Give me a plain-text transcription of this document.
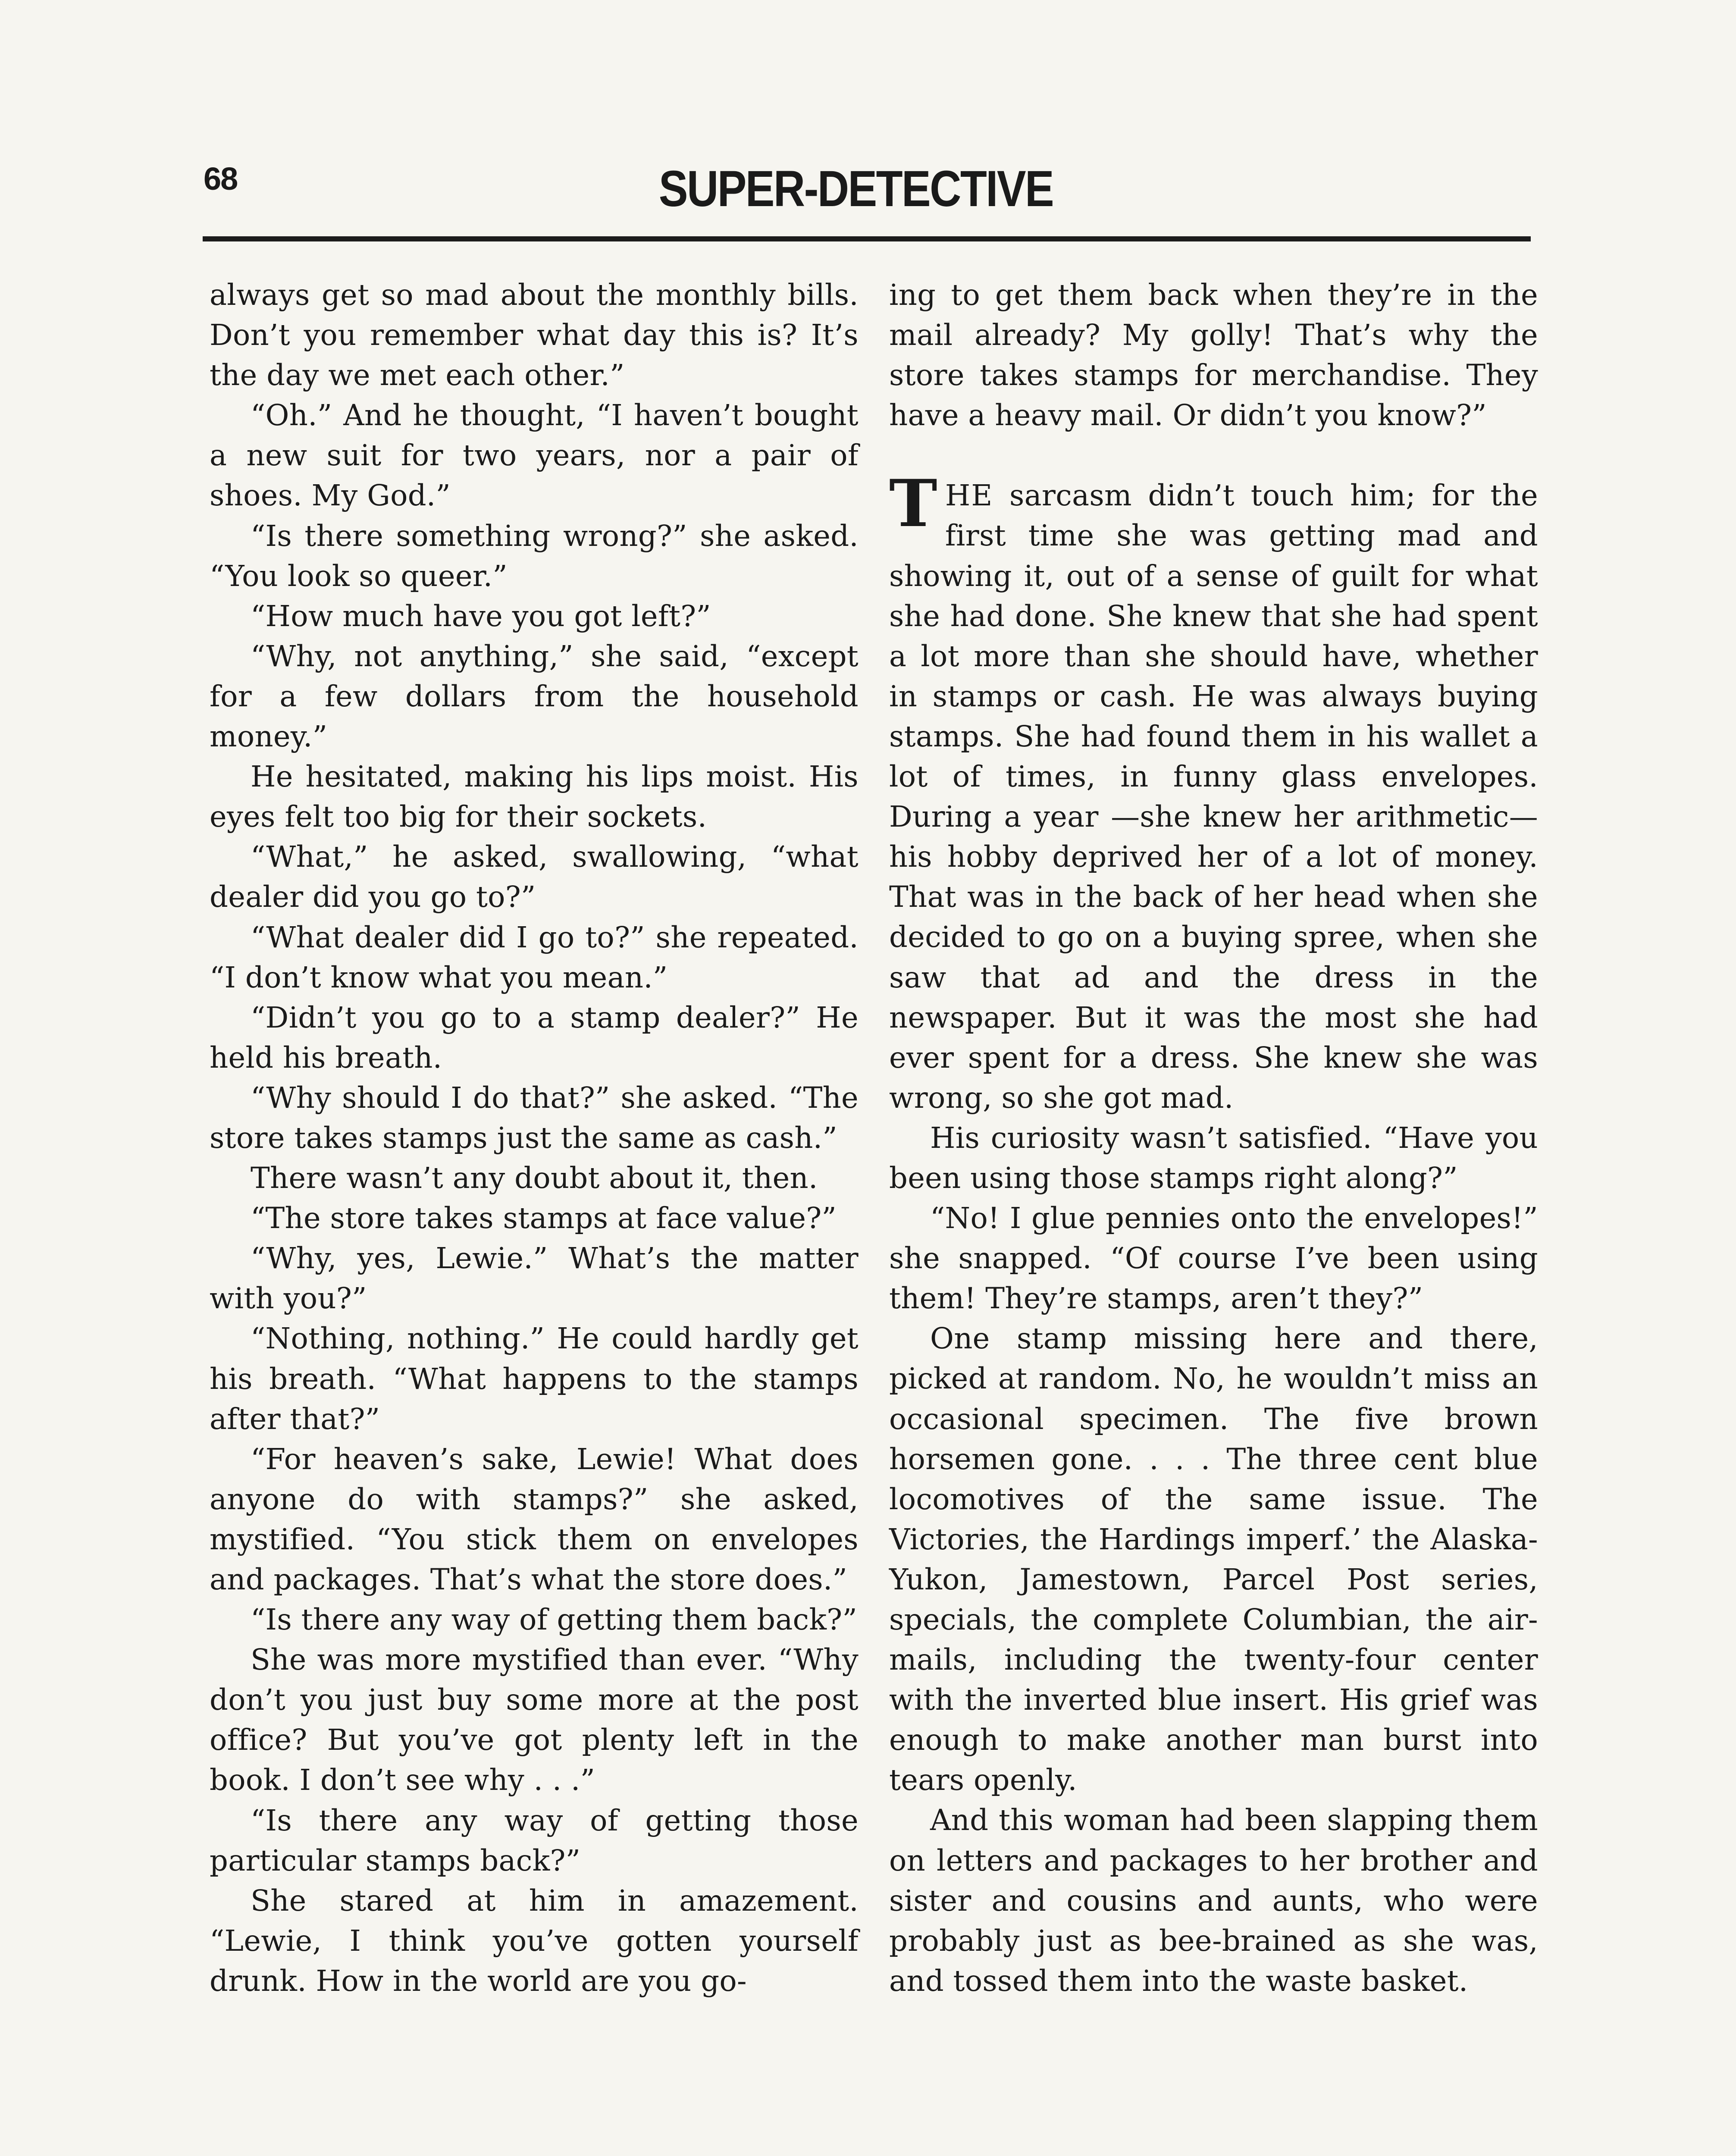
68	SUPER-DETECTIVE

always get so mad about the monthly bills. Don’t you remember what day this is? It’s the day we met each other.”

“Oh.” And he thought, “I haven’t bought a new suit for two years, nor a pair of shoes. My God.”

“Is there something wrong?” she asked. “You look so queer.”

“How much have you got left?”

“Why, not anything,” she said, “except for a few dollars from the household money.”

He hesitated, making his lips moist. His eyes felt too big for their sockets.

“What,” he asked, swallowing, “what dealer did you go to?”

“What dealer did I go to?” she repeated. “I don’t know what you mean.”

“Didn’t you go to a stamp dealer?” He held his breath.

“Why should I do that?” she asked. “The store takes stamps just the same as cash.”

There wasn’t any doubt about it, then.

“The store takes stamps at face value?”

“Why, yes, Lewie.” What’s the matter with you?”

“Nothing, nothing.” He could hardly get his breath. “What happens to the stamps after that?”

“For heaven’s sake, Lewie! What does anyone do with stamps?” she asked, mystified. “You stick them on envelopes and packages. That’s what the store does.”

“Is there any way of getting them back?”

She was more mystified than ever. “Why don’t you just buy some more at the post office? But you’ve got plenty left in the book. I don’t see why . . .”

“Is there any way of getting those particular stamps back?”

She stared at him in amazement. “Lewie, I think you’ve gotten yourself drunk. How in the world are you go-

ing to get them back when they’re in the mail already? My golly! That’s why the store takes stamps for merchandise. They have a heavy mail. Or didn’t you know?”

THE sarcasm didn’t touch him; for the first time she was getting mad and showing it, out of a sense of guilt for what she had done. She knew that she had spent a lot more than she should have, whether in stamps or cash. He was always buying stamps. She had found them in his wallet a lot of times, in funny glass envelopes. During a year —she knew her arithmetic—his hobby deprived her of a lot of money. That was in the back of her head when she decided to go on a buying spree, when she saw that ad and the dress in the newspaper. But it was the most she had ever spent for a dress. She knew she was wrong, so she got mad.

His curiosity wasn’t satisfied. “Have you been using those stamps right along?”

“No! I glue pennies onto the envelopes!” she snapped. “Of course I’ve been using them! They’re stamps, aren’t they?”

One stamp missing here and there, picked at random. No, he wouldn’t miss an occasional specimen. The five brown horsemen gone. . . . The three cent blue locomotives of the same issue. The Victories, the Hardings imperf.’ the Alaska-Yukon, Jamestown, Parcel Post series, specials, the complete Columbian, the air-mails, including the twenty-four center with the inverted blue insert. His grief was enough to make another man burst into tears openly.

And this woman had been slapping them on letters and packages to her brother and sister and cousins and aunts, who were probably just as bee-brained as she was, and tossed them into the waste basket.
